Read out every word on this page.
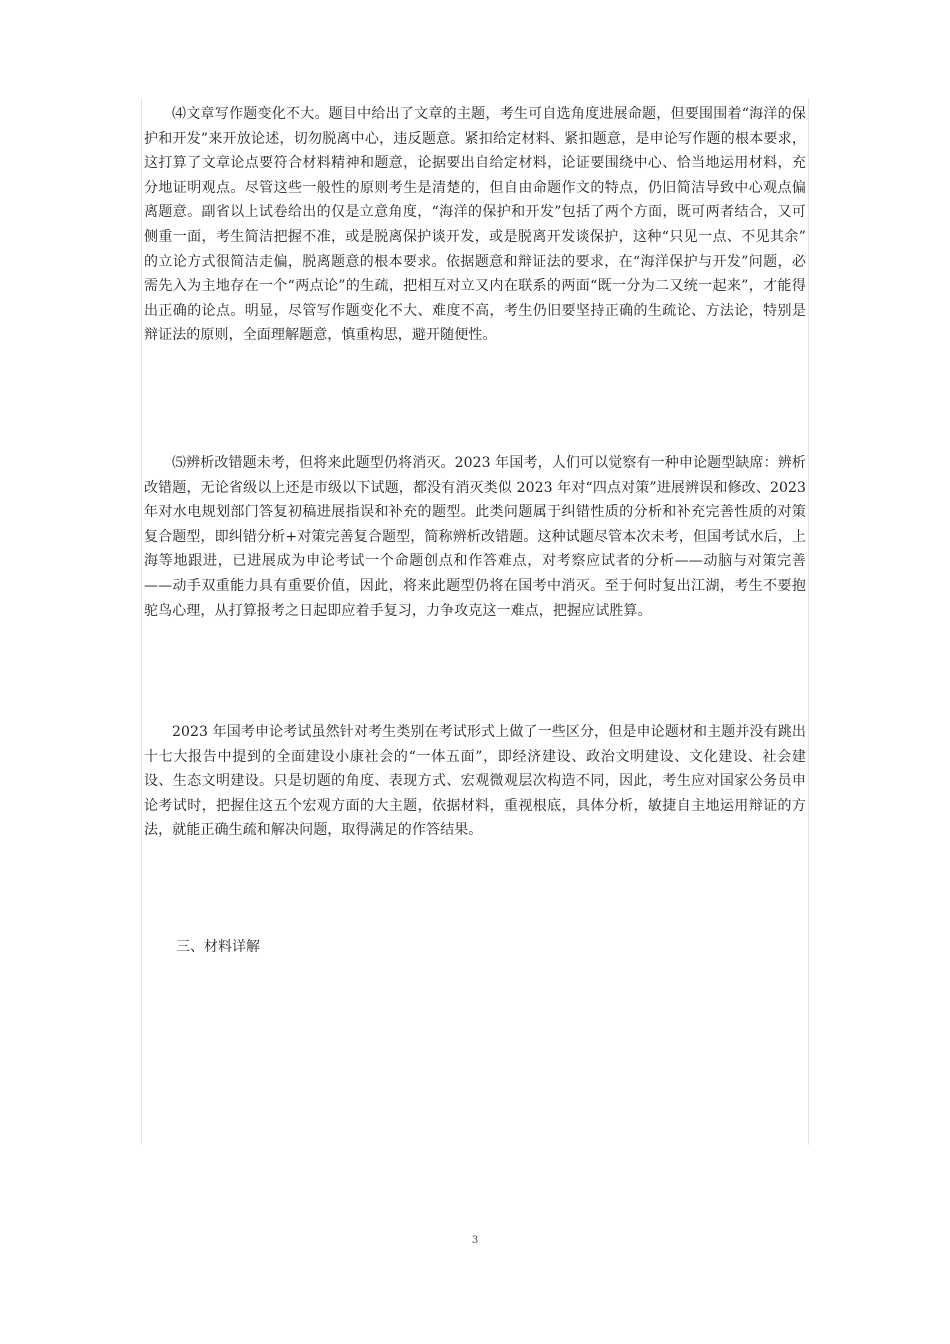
⑷文章写作题变化不大。题目中给出了文章的主题，考生可自选角度进展命题，但要围围着“海洋的保护和开发”来开放论述，切勿脱离中心，违反题意。紧扣给定材料、紧扣题意，是申论写作题的根本要求，这打算了文章论点要符合材料精神和题意，论据要出自给定材料，论证要围绕中心、恰当地运用材料，充分地证明观点。尽管这些一般性的原则考生是清楚的，但自由命题作文的特点，仍旧简洁导致中心观点偏离题意。副省以上试卷给出的仅是立意角度，“海洋的保护和开发”包括了两个方面，既可两者结合，又可侧重一面，考生简洁把握不准，或是脱离保护谈开发，或是脱离开发谈保护，这种“只见一点、不见其余” 的立论方式很简洁走偏，脱离题意的根本要求。依据题意和辩证法的要求，在“海洋保护与开发”问题，必需先入为主地存在一个“两点论”的生疏，把相互对立又内在联系的两面“既一分为二又统一起来”，才能得出正确的论点。明显，尽管写作题变化不大、难度不高，考生仍旧要坚持正确的生疏论、方法论，特别是辩证法的原则，全面理解题意，慎重构思，避开随便性。

⑸辨析改错题未考，但将来此题型仍将消灭。2023 年国考，人们可以觉察有一种申论题型缺席：辨析改错题，无论省级以上还是市级以下试题，都没有消灭类似 2023 年对“四点对策”进展辨误和修改、2023 年对水电规划部门答复初稿进展指误和补充的题型。此类问题属于纠错性质的分析和补充完善性质的对策复合题型，即纠错分析+对策完善复合题型，简称辨析改错题。这种试题尽管本次未考，但国考试水后，上海等地跟进，已进展成为申论考试一个命题创点和作答难点，对考察应试者的分析——动脑与对策完善——动手双重能力具有重要价值，因此，将来此题型仍将在国考中消灭。至于何时复出江湖，考生不要抱驼鸟心理，从打算报考之日起即应着手复习，力争攻克这一难点，把握应试胜算。

2023 年国考申论考试虽然针对考生类别在考试形式上做了一些区分，但是申论题材和主题并没有跳出十七大报告中提到的全面建设小康社会的“一体五面”，即经济建设、政治文明建设、文化建设、社会建设、生态文明建设。只是切题的角度、表现方式、宏观微观层次构造不同，因此，考生应对国家公务员申论考试时，把握住这五个宏观方面的大主题，依据材料，重视根底，具体分析，敏捷自主地运用辩证的方法，就能正确生疏和解决问题，取得满足的作答结果。

三、材料详解

3
